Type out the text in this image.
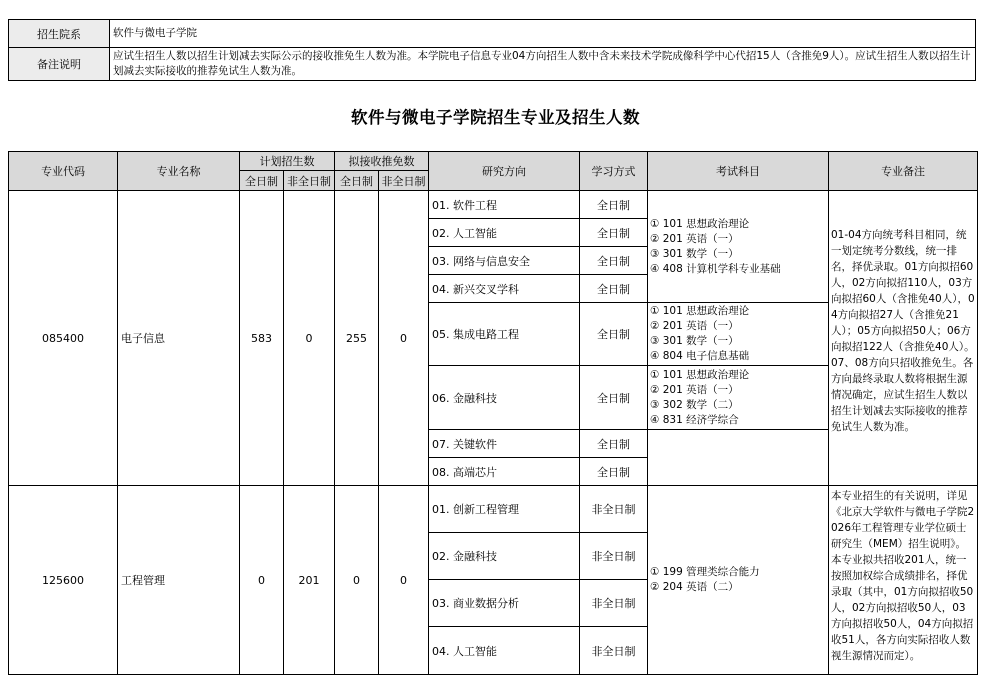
招生院系	软件与微电子学院
备注说明	应试生招生人数以招生计划减去实际公示的接收推免生人数为准。本学院电子信息专业04方向招生人数中含未来技术学院成像科学中心代招15人（含推免9人）。应试生招生人数以招生计划减去实际接收的推荐免试生人数为准。
软件与微电子学院招生专业及招生人数
专业代码	专业名称	计划招生数		拟接收推免数		研究方向	学习方式	考试科目	专业备注
		全日制	非全日制	全日制	非全日制				
085400	电子信息	583	0	255	0	01. 软件工程	全日制	① 101 思想政治理论
② 201 英语（一）
③ 301 数学（一）
④ 408 计算机学科专业基础	01-04方向统考科目相同，统一划定统考分数线，统一排名，择优录取。01方向拟招60人，02方向拟招110人，03方向拟招60人（含推免40人），04方向拟招27人（含推免21人）；05方向拟招50人；06方向拟招122人（含推免40人）。07、08方向只招收推免生。各方向最终录取人数将根据生源情况确定，应试生招生人数以招生计划减去实际接收的推荐免试生人数为准。

						02. 人工智能	全日制		
						03. 网络与信息安全	全日制		
						04. 新兴交叉学科	全日制		
						05. 集成电路工程	全日制	① 101 思想政治理论
② 201 英语（一）
③ 301 数学（一）
④ 804 电子信息基础	

						06. 金融科技	全日制	① 101 思想政治理论
② 201 英语（一）
③ 302 数学（二）
④ 831 经济学综合	

						07. 关键软件	全日制		
						08. 高端芯片	全日制		
125600	工程管理	0	201	0	0	01. 创新工程管理	非全日制	① 199 管理类综合能力
② 204 英语（二）	本专业招生的有关说明，详见《北京大学软件与微电子学院2026年工程管理专业学位硕士研究生（MEM）招生说明》。本专业拟共招收201人，统一按照加权综合成绩排名，择优录取（其中，01方向拟招收50人，02方向拟招收50人，03方向拟招收50人，04方向拟招收51人，各方向实际招收人数视生源情况而定）。

						02. 金融科技	非全日制		
						03. 商业数据分析	非全日制		
						04. 人工智能	非全日制		
